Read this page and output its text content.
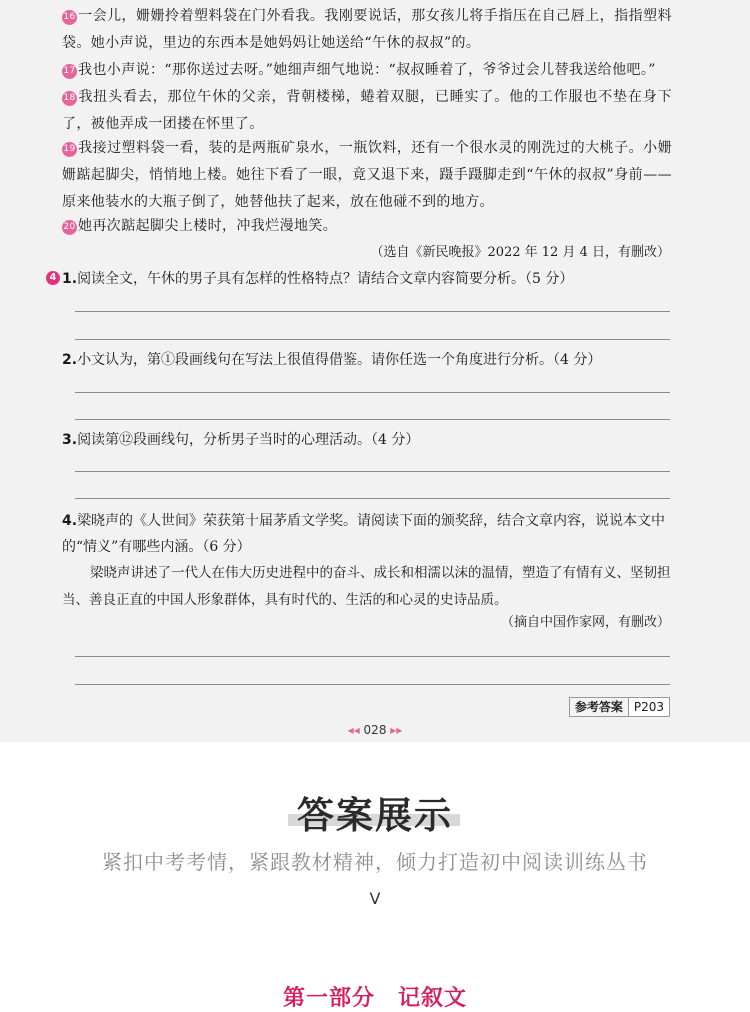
16 一会儿，姗姗拎着塑料袋在门外看我。我刚要说话，那女孩儿将手指压在自己唇上，指指塑料袋。她小声说，里边的东西本是她妈妈让她送给“午休的叔叔”的。
17 我也小声说：“那你送过去呀。”她细声细气地说：“叔叔睡着了，爷爷过会儿替我送给他吧。”
18 我扭头看去，那位午休的父亲，背朝楼梯，蜷着双腿，已睡实了。他的工作服也不垫在身下了，被他弄成一团搂在怀里了。
19 我接过塑料袋一看，装的是两瓶矿泉水，一瓶饮料，还有一个很水灵的刚洗过的大桃子。小姗姗踮起脚尖，悄悄地上楼。她往下看了一眼，竟又退下来，蹑手蹑脚走到“午休的叔叔”身前——原来他装水的大瓶子倒了，她替他扶了起来，放在他碰不到的地方。
20 她再次踮起脚尖上楼时，冲我烂漫地笑。
（选自《新民晚报》2022 年 12 月 4 日，有删改）
4 1.阅读全文，午休的男子具有怎样的性格特点？请结合文章内容简要分析。（5 分）
2.小文认为，第①段画线句在写法上很值得借鉴。请你任选一个角度进行分析。（4 分）
3.阅读第⑫段画线句，分析男子当时的心理活动。（4 分）
4.梁晓声的《人世间》荣获第十届茅盾文学奖。请阅读下面的颁奖辞，结合文章内容，说说本文中的“情义”有哪些内涵。（6 分）
梁晓声讲述了一代人在伟大历史进程中的奋斗、成长和相濡以沫的温情，塑造了有情有义、坚韧担当、善良正直的中国人形象群体，具有时代的、生活的和心灵的史诗品质。
（摘自中国作家网，有删改）
参考答案 P203
◂◂ 028 ▸▸
答案展示
紧扣中考考情，紧跟教材精神，倾力打造初中阅读训练丛书
V
第一部分　记叙文
